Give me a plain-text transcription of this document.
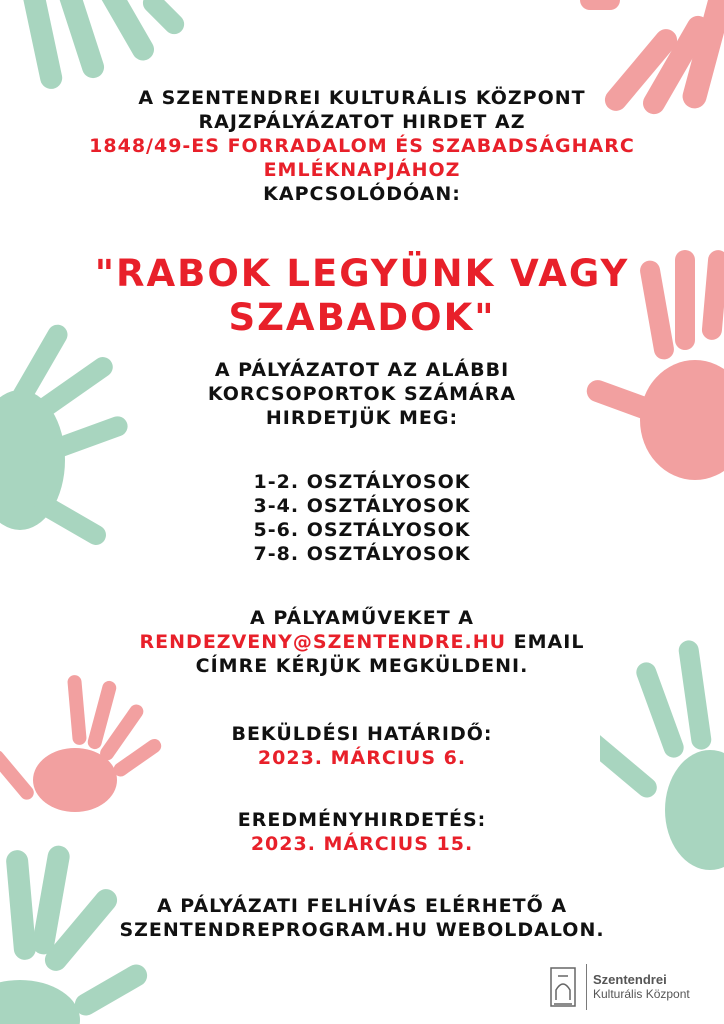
A SZENTENDREI KULTURÁLIS KÖZPONT
RAJZPÁLYÁZATOT HIRDET AZ
1848/49-ES FORRADALOM ÉS SZABADSÁGHARC
EMLÉKNAPJÁHOZ
KAPCSOLÓDÓAN:
"RABOK LEGYÜNK VAGY
SZABADOK"
A PÁLYÁZATOT AZ ALÁBBI
KORCSOPORTOK SZÁMÁRA
HIRDETJÜK MEG:
1-2. OSZTÁLYOSOK
3-4. OSZTÁLYOSOK
5-6. OSZTÁLYOSOK
7-8. OSZTÁLYOSOK
A PÁLYAMŰVEKET A
RENDEZVENY@SZENTENDRE.HU EMAIL
CÍMRE KÉRJÜK MEGKÜLDENI.
BEKÜLDÉSI HATÁRIDŐ:
2023. MÁRCIUS 6.
EREDMÉNYHIRDETÉS:
2023. MÁRCIUS 15.
A PÁLYÁZATI FELHÍVÁS ELÉRHETŐ A
SZENTENDREPROGRAM.HU WEBOLDALON.
Szentendrei
Kulturális Központ
